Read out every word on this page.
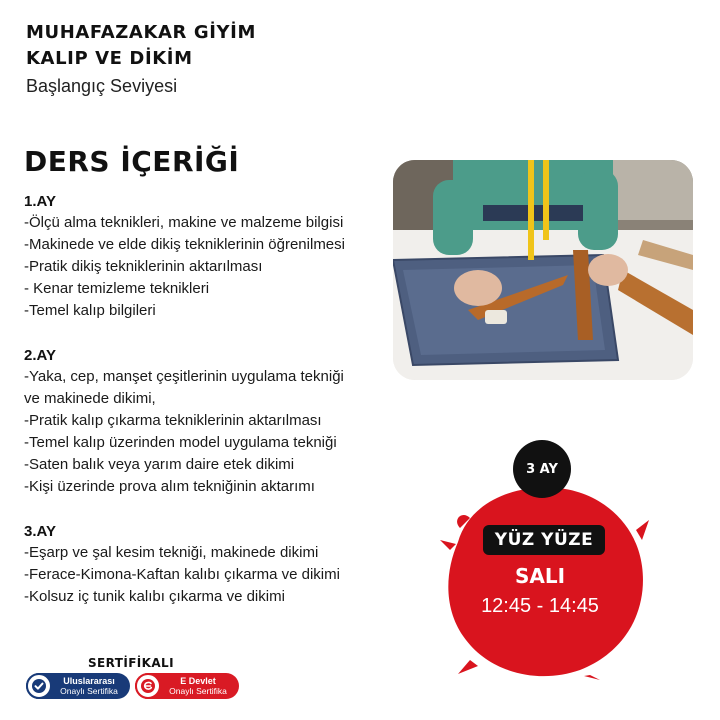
MUHAFAZAKAR GİYİM
KALIP VE DİKİM
Başlangıç Seviyesi
DERS İÇERİĞİ
1.AY
-Ölçü alma teknikleri, makine ve malzeme bilgisi
-Makinede ve elde dikiş tekniklerinin öğrenilmesi
-Pratik dikiş tekniklerinin aktarılması
- Kenar temizleme teknikleri
-Temel kalıp bilgileri
2.AY
-Yaka, cep, manşet çeşitlerinin uygulama tekniği
ve makinede dikimi,
-Pratik kalıp çıkarma tekniklerinin aktarılması
-Temel kalıp üzerinden model uygulama tekniği
-Saten balık veya yarım daire etek dikimi
-Kişi üzerinde prova alım tekniğinin aktarımı
3.AY
-Eşarp ve şal kesim tekniği, makinede dikimi
-Ferace-Kimona-Kaftan kalıbı çıkarma ve dikimi
-Kolsuz iç tunik kalıbı çıkarma ve dikimi
3 AY
YÜZ YÜZE
SALI
12:45 - 14:45
SERTİFİKALI
Uluslararası
Onaylı Sertifika
E Devlet
Onaylı Sertifika
